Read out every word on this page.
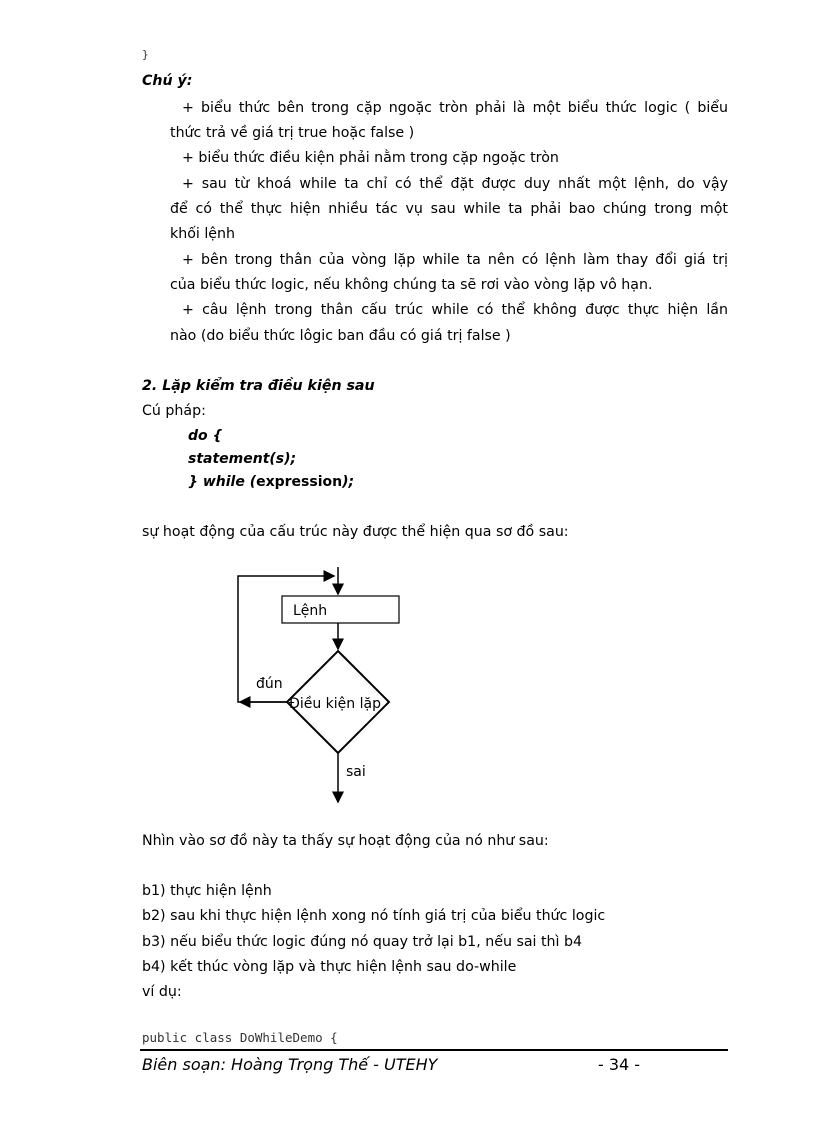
}
Chú ý:
+ biểu thức bên trong cặp ngoặc tròn phải là một biểu thức logic ( biểu
thức trả về giá trị true hoặc false )
+ biểu thức điều kiện phải nằm trong cặp ngoặc tròn
+ sau từ khoá while ta chỉ có thể đặt được duy nhất một lệnh, do vậy
để có thể thực hiện nhiều tác vụ sau while ta phải bao chúng trong một
khối lệnh
+ bên trong thân của vòng lặp while ta nên có lệnh làm thay đổi giá trị
của biểu thức logic, nếu không chúng ta sẽ rơi vào vòng lặp vô hạn.
+ câu lệnh trong thân cấu trúc while có thể không được thực hiện lần
nào (do biểu thức lôgic ban đầu có giá trị false )
2. Lặp kiểm tra điều kiện sau
Cú pháp:
do {
statement(s);
} while (expression);
sự hoạt động của cấu trúc này được thể hiện qua sơ đồ sau:
Lệnh
Điều kiện lặp
đún
sai
Nhìn vào sơ đồ này ta thấy sự hoạt động của nó như sau:
b1) thực hiện lệnh
b2) sau khi thực hiện lệnh xong nó tính giá trị của biểu thức logic
b3) nếu biểu thức logic đúng nó quay trở lại b1, nếu sai thì b4
b4) kết thúc vòng lặp và thực hiện lệnh sau do-while
ví dụ:
public class DoWhileDemo {
Biên soạn: Hoàng Trọng Thế - UTEHY	- 34 -
